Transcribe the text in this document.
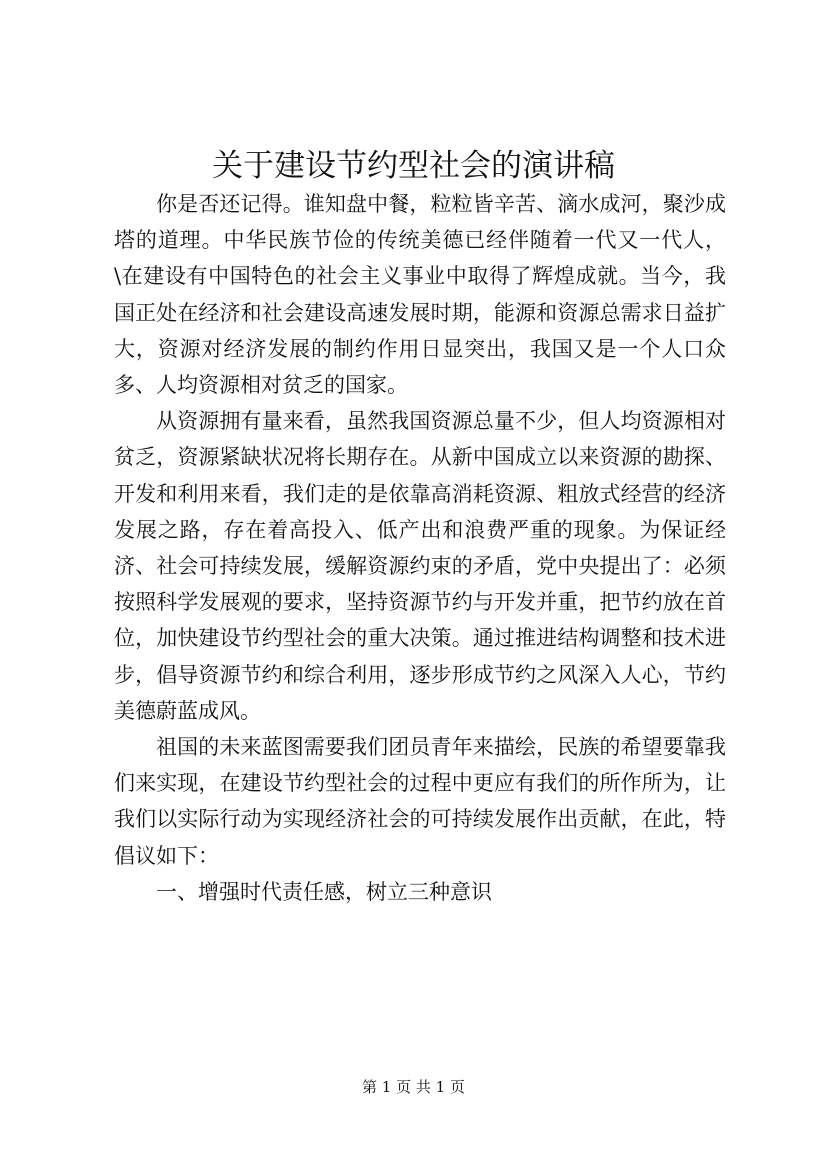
关于建设节约型社会的演讲稿

你是否还记得。谁知盘中餐，粒粒皆辛苦、滴水成河，聚沙成塔的道理。中华民族节俭的传统美德已经伴随着一代又一代人，\在建设有中国特色的社会主义事业中取得了辉煌成就。当今，我国正处在经济和社会建设高速发展时期，能源和资源总需求日益扩大，资源对经济发展的制约作用日显突出，我国又是一个人口众多、人均资源相对贫乏的国家。

从资源拥有量来看，虽然我国资源总量不少，但人均资源相对贫乏，资源紧缺状况将长期存在。从新中国成立以来资源的勘探、开发和利用来看，我们走的是依靠高消耗资源、粗放式经营的经济发展之路，存在着高投入、低产出和浪费严重的现象。为保证经济、社会可持续发展，缓解资源约束的矛盾，党中央提出了：必须按照科学发展观的要求，坚持资源节约与开发并重，把节约放在首位，加快建设节约型社会的重大决策。通过推进结构调整和技术进步，倡导资源节约和综合利用，逐步形成节约之风深入人心，节约美德蔚蓝成风。

祖国的未来蓝图需要我们团员青年来描绘，民族的希望要靠我们来实现，在建设节约型社会的过程中更应有我们的所作所为，让我们以实际行动为实现经济社会的可持续发展作出贡献，在此，特倡议如下：

一、增强时代责任感，树立三种意识

第 1 页 共 1 页
